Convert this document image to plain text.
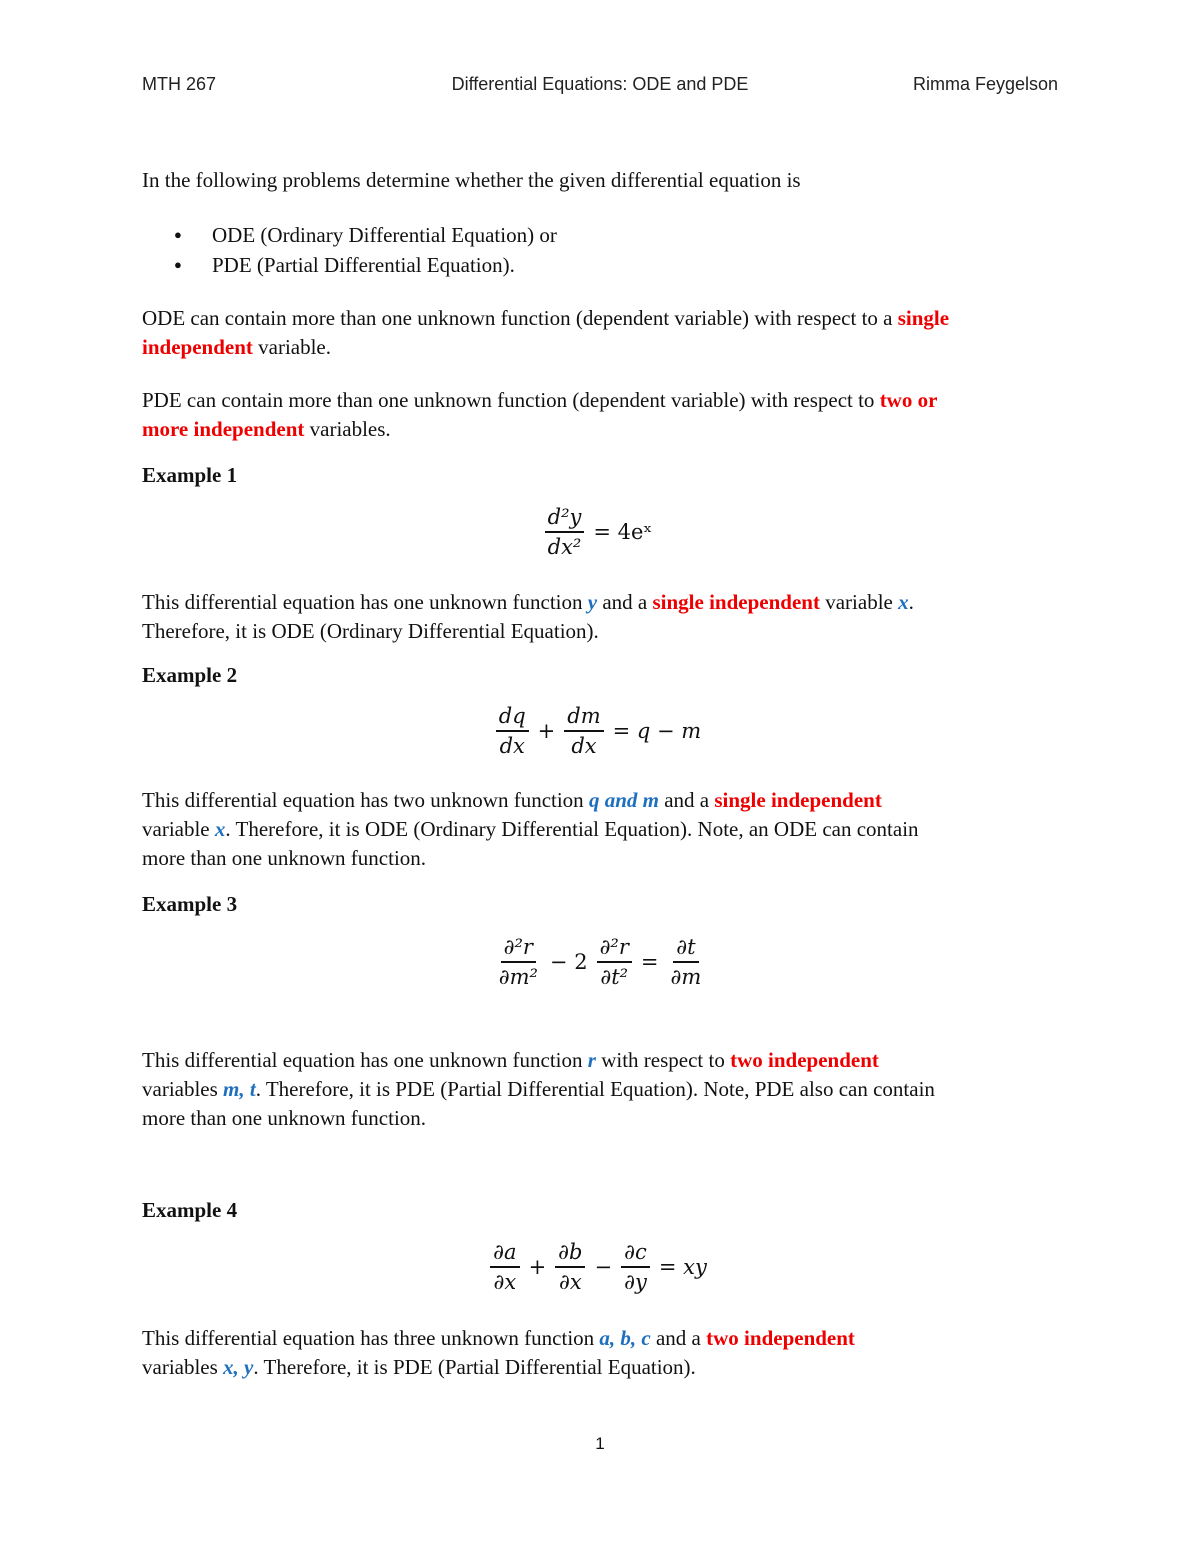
MTH 267	Differential Equations: ODE and PDE	Rimma Feygelson

In the following problems determine whether the given differential equation is

● ODE (Ordinary Differential Equation) or
● PDE (Partial Differential Equation).

ODE can contain more than one unknown function (dependent variable) with respect to a single
independent variable.

PDE can contain more than one unknown function (dependent variable) with respect to two or
more independent variables.

Example 1

$\frac{\text{d²y}}{\text{dx²}}$ = 4eˣ

This differential equation has one unknown function y and a single independent variable x.
Therefore, it is ODE (Ordinary Differential Equation).

Example 2

$\frac{dq}{dx} + \frac{dm}{dx} = q - m$

This differential equation has two unknown function q and m and a single independent
variable x. Therefore, it is ODE (Ordinary Differential Equation). Note, an ODE can contain
more than one unknown function.

Example 3

$\frac{\text{∂²r}}{\text{∂m²}} - 2 \frac{\text{∂²r}}{\text{∂t²}} = \frac{\partial t}{\partial m}$

This differential equation has one unknown function r with respect to two independent
variables m, t. Therefore, it is PDE (Partial Differential Equation). Note, PDE also can contain
more than one unknown function.

Example 4

$\frac{\partial a}{\partial x} + \frac{\partial b}{\partial x} - \frac{\partial c}{\partial y}$ = xy

This differential equation has three unknown function a, b, c and a two independent
variables x, y. Therefore, it is PDE (Partial Differential Equation).

1
